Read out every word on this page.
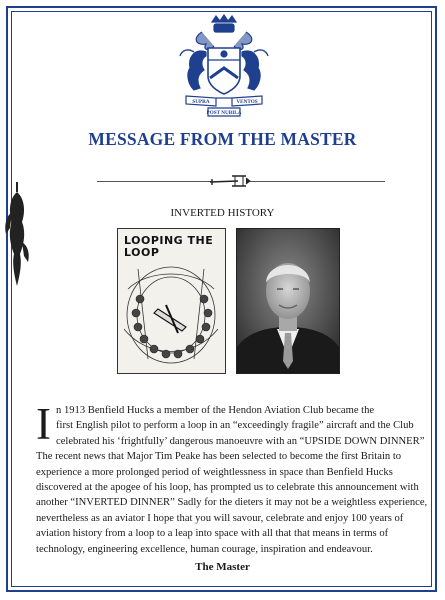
SUPRA	VENTOS
POST NUBILA
MESSAGE FROM THE MASTER
INVERTED HISTORY
LOOPING THE
LOOP
I n 1913 Benfield Hucks a member of the Hendon Aviation Club became the
first English pilot to perform a loop in an “exceedingly fragile” aircraft and the Club
celebrated his ‘frightfully’ dangerous manoeuvre with an “UPSIDE DOWN DINNER”
The recent news that Major Tim Peake has been selected to become the first Britain to
experience a more prolonged period of weightlessness in space than Benfield Hucks
discovered at the apogee of his loop, has prompted us to celebrate this announcement with
another “INVERTED DINNER” Sadly for the dieters it may not be a weightless experience,
nevertheless as an aviator I hope that you will savour, celebrate and enjoy 100 years of
aviation history from a loop to a leap into space with all that that means in terms of
technology, engineering excellence, human courage, inspiration and endeavour.
The Master
